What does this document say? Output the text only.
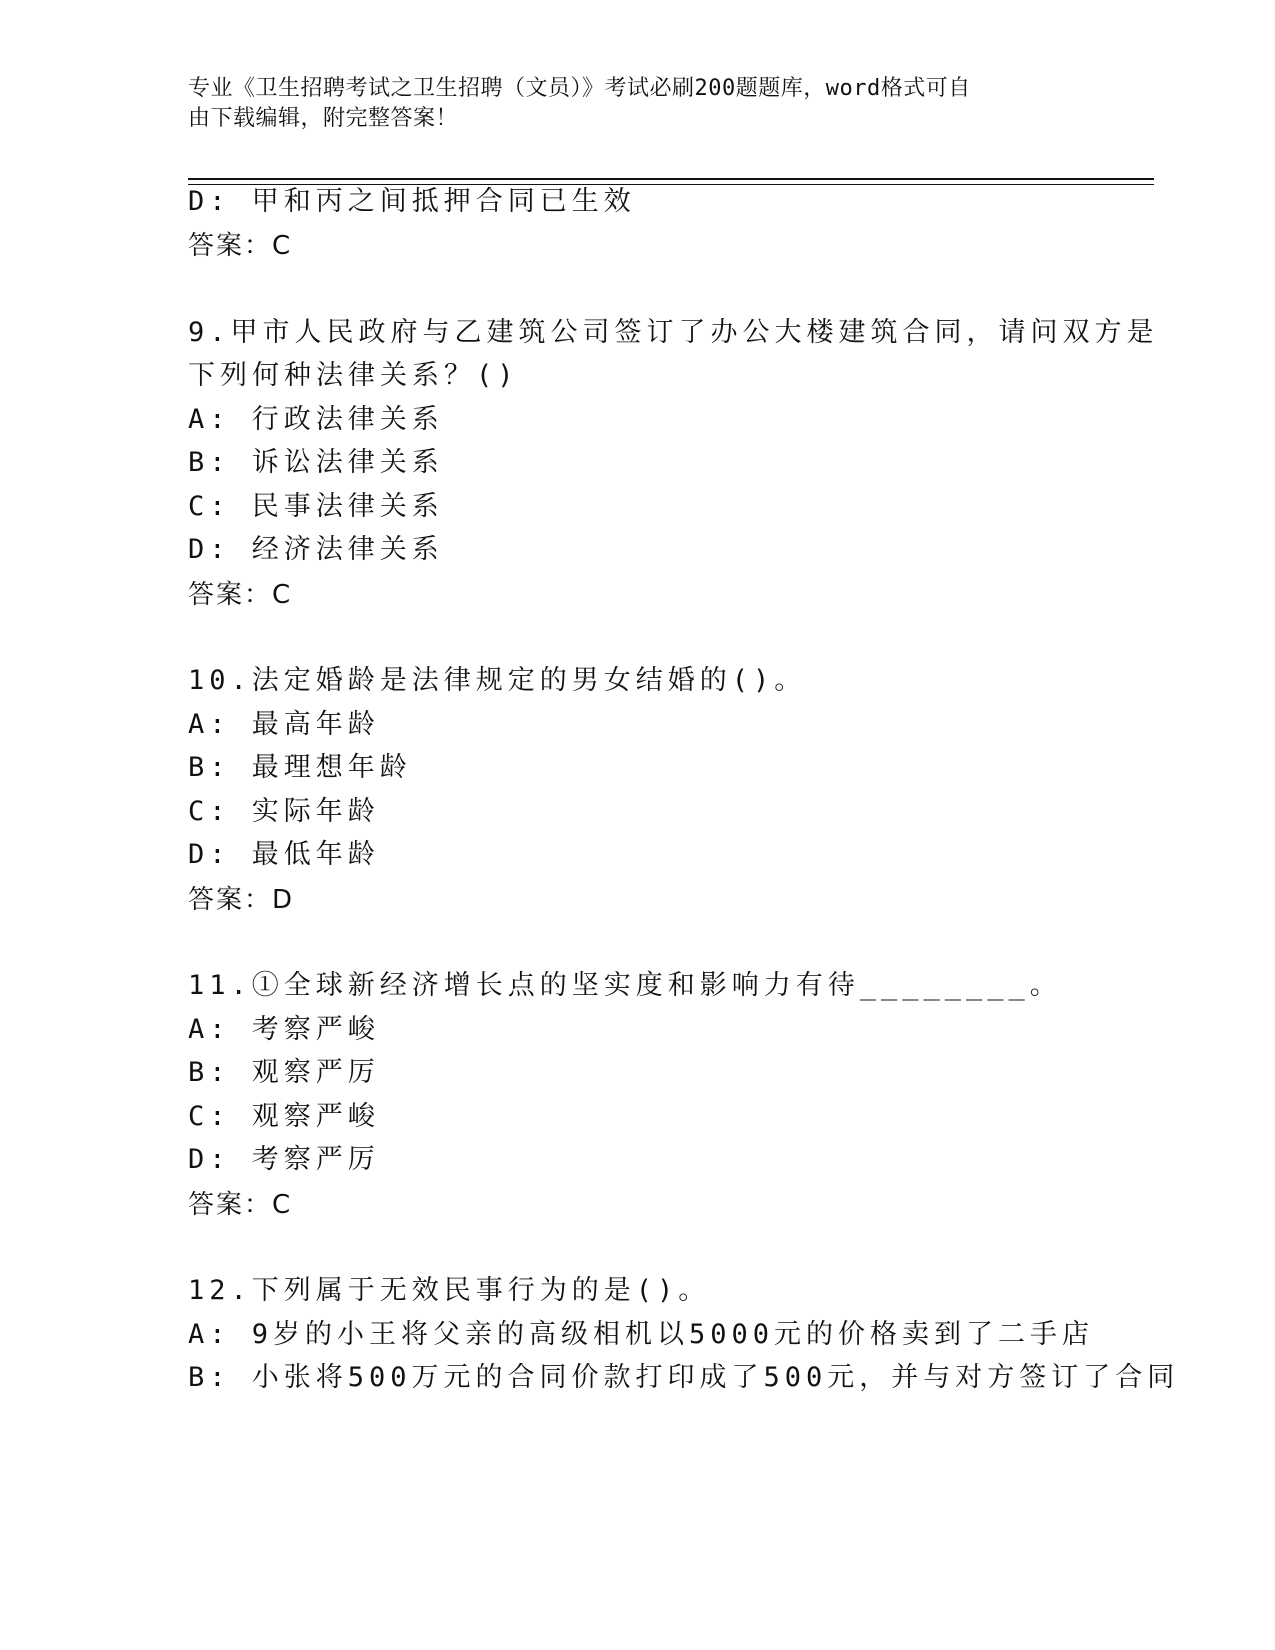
专业《卫生招聘考试之卫生招聘（文员）》考试必刷200题题库，word格式可自
由下载编辑，附完整答案！
D: 甲和丙之间抵押合同已生效
答案：C
9.甲市人民政府与乙建筑公司签订了办公大楼建筑合同，请问双方是
下列何种法律关系？()
A: 行政法律关系
B: 诉讼法律关系
C: 民事法律关系
D: 经济法律关系
答案：C
10.法定婚龄是法律规定的男女结婚的()。
A: 最高年龄
B: 最理想年龄
C: 实际年龄
D: 最低年龄
答案：D
11.①全球新经济增长点的坚实度和影响力有待________。
A: 考察严峻
B: 观察严厉
C: 观察严峻
D: 考察严厉
答案：C
12.下列属于无效民事行为的是()。
A: 9岁的小王将父亲的高级相机以5000元的价格卖到了二手店
B: 小张将500万元的合同价款打印成了500元，并与对方签订了合同
